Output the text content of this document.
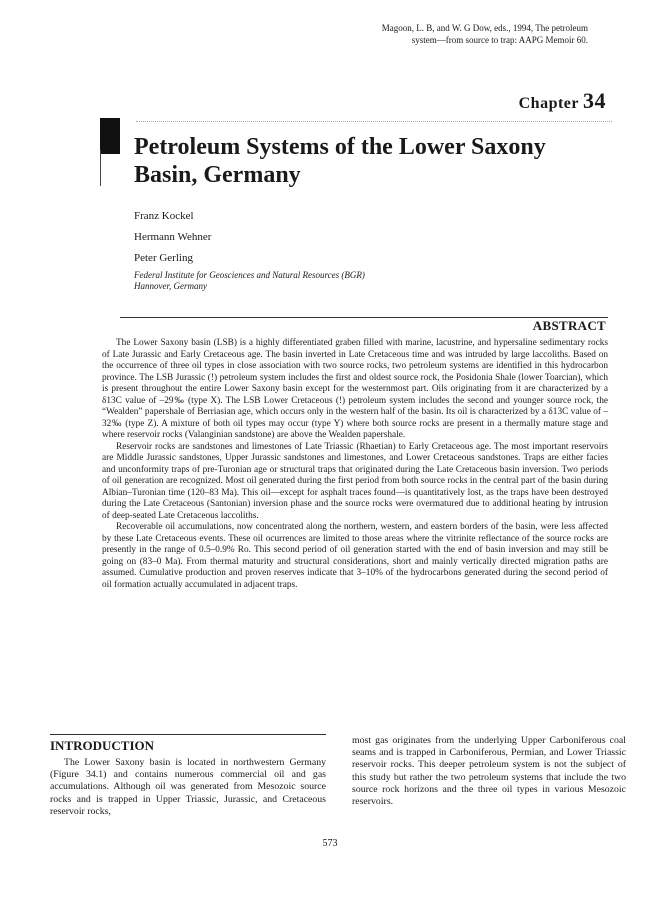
Magoon, L. B, and W. G Dow, eds., 1994, The petroleum
system—from source to trap: AAPG Memoir 60.
Chapter 34
Petroleum Systems of the Lower Saxony Basin, Germany
Franz Kockel
Hermann Wehner
Peter Gerling
Federal Institute for Geosciences and Natural Resources (BGR)
Hannover, Germany
ABSTRACT

The Lower Saxony basin (LSB) is a highly differentiated graben filled with marine, lacustrine, and hypersaline sedimentary rocks of Late Jurassic and Early Cretaceous age. The basin inverted in Late Cretaceous time and was intruded by large laccoliths. Based on the occurrence of three oil types in close association with two source rocks, two petroleum systems are identified in this hydrocarbon province. The LSB Jurassic (!) petroleum system includes the first and oldest source rock, the Posidonia Shale (lower Toarcian), which is present throughout the entire Lower Saxony basin except for the westernmost part. Oils originating from it are characterized by a δ13C value of –29‰ (type X). The LSB Lower Cretaceous (!) petroleum system includes the second and younger source rock, the “Wealden” papershale of Berriasian age, which occurs only in the western half of the basin. Its oil is characterized by a δ13C value of –32‰ (type Z). A mixture of both oil types may occur (type Y) where both source rocks are present in a thermally mature stage and where reservoir rocks (Valanginian sandstone) are above the Wealden papershale.

Reservoir rocks are sandstones and limestones of Late Triassic (Rhaetian) to Early Cretaceous age. The most important reservoirs are Middle Jurassic sandstones, Upper Jurassic sandstones and limestones, and Lower Cretaceous sandstones. Traps are either facies and unconformity traps of pre-Turonian age or structural traps that originated during the Late Cretaceous basin inversion. Two periods of oil generation are recognized. Most oil generated during the first period from both source rocks in the central part of the basin during Albian–Turonian time (120–83 Ma). This oil—except for asphalt traces found—is quantitatively lost, as the traps have been destroyed during the Late Cretaceous (Santonian) inversion phase and the source rocks were overmatured due to additional heating by intrusion of deep-seated Late Cretaceous laccoliths.

Recoverable oil accumulations, now concentrated along the northern, western, and eastern borders of the basin, were less affected by these Late Cretaceous events. These oil ocurrences are limited to those areas where the vitrinite reflectance of the source rocks are presently in the range of 0.5–0.9% Ro. This second period of oil generation started with the end of basin inversion and may still be going on (83–0 Ma). From thermal maturity and structural considerations, short and mainly vertically directed migration paths are assumed. Cumulative production and proven reserves indicate that 3–10% of the hydrocarbons generated during the second period of oil formation actually accumulated in adjacent traps.

INTRODUCTION

The Lower Saxony basin is located in northwestern Germany (Figure 34.1) and contains numerous commercial oil and gas accumulations. Although oil was generated from Mesozoic source rocks and is trapped in Upper Triassic, Jurassic, and Cretaceous reservoir rocks,

most gas originates from the underlying Upper Carboniferous coal seams and is trapped in Carboniferous, Permian, and Lower Triassic reservoir rocks. This deeper petroleum system is not the subject of this study but rather the two petroleum systems that include the two source rock horizons and the three oil types in various Mesozoic reservoirs.

573
